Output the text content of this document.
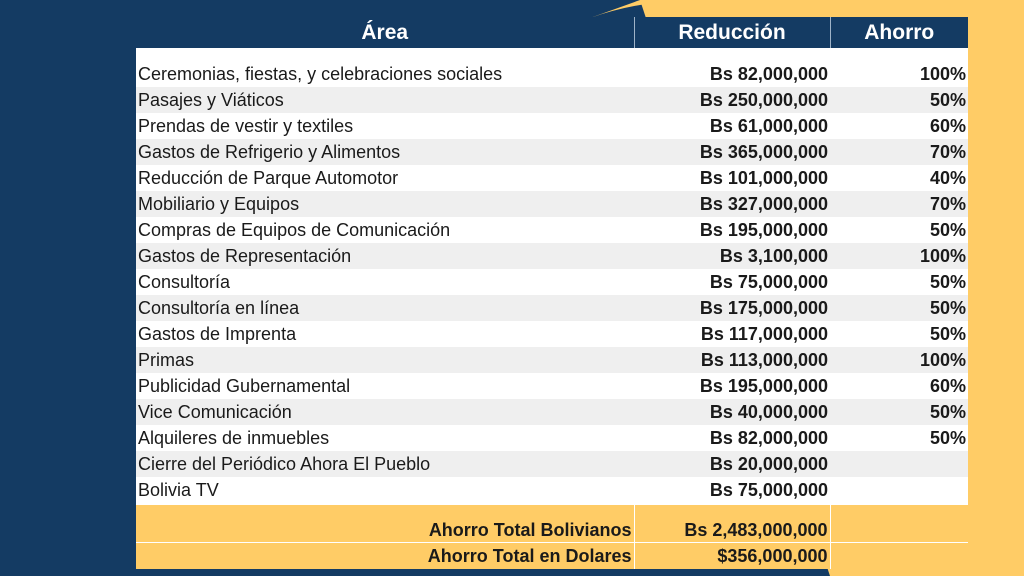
Área	Reducción	Ahorro

Ceremonias, fiestas, y celebraciones sociales	Bs 82,000,000	100%
Pasajes y Viáticos	Bs 250,000,000	50%
Prendas de vestir y textiles	Bs 61,000,000	60%
Gastos de Refrigerio y Alimentos	Bs 365,000,000	70%
Reducción de Parque Automotor	Bs 101,000,000	40%
Mobiliario y Equipos	Bs 327,000,000	70%
Compras de Equipos de Comunicación	Bs 195,000,000	50%
Gastos de Representación	Bs 3,100,000	100%
Consultoría	Bs 75,000,000	50%
Consultoría en línea	Bs 175,000,000	50%
Gastos de Imprenta	Bs 117,000,000	50%
Primas	Bs 113,000,000	100%
Publicidad Gubernamental	Bs 195,000,000	60%
Vice Comunicación	Bs 40,000,000	50%
Alquileres de inmuebles	Bs 82,000,000	50%
Cierre del Periódico Ahora El Pueblo	Bs 20,000,000	
Bolivia TV	Bs 75,000,000	

Ahorro Total Bolivianos	Bs 2,483,000,000	
Ahorro Total en Dolares	$356,000,000	
